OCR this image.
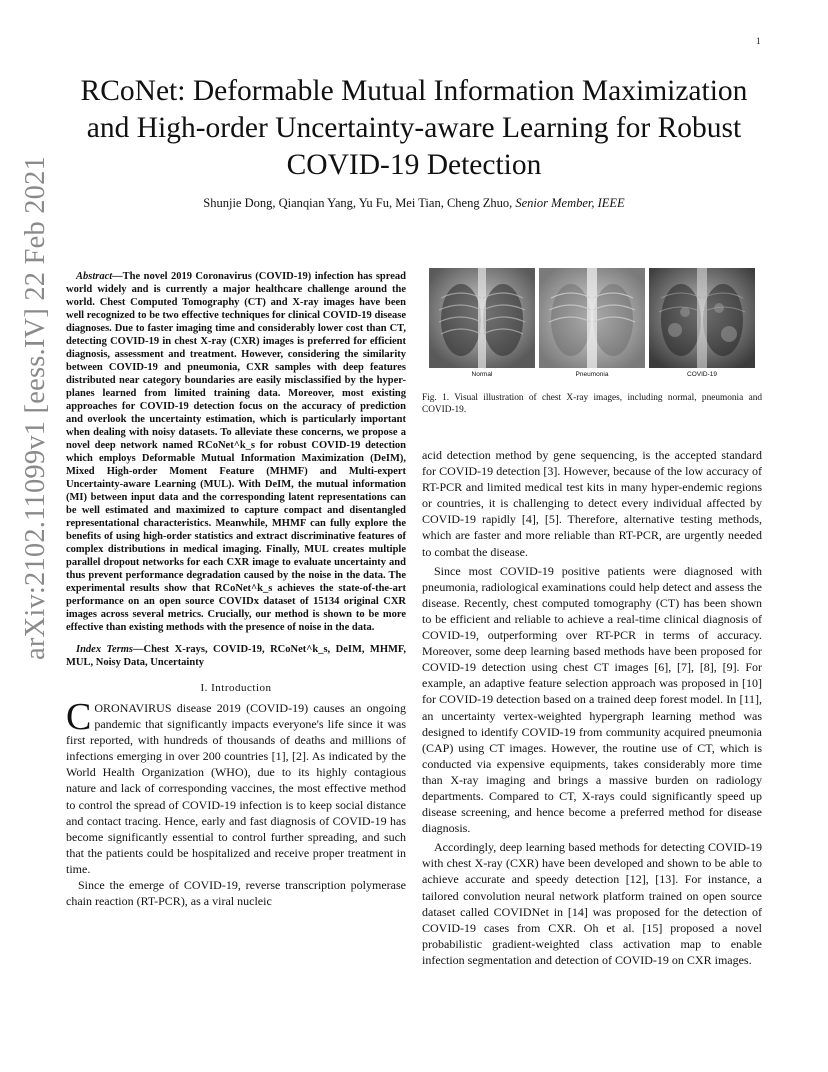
1
arXiv:2102.11099v1 [eess.IV] 22 Feb 2021
RCoNet: Deformable Mutual Information Maximization and High-order Uncertainty-aware Learning for Robust COVID-19 Detection
Shunjie Dong, Qianqian Yang, Yu Fu, Mei Tian, Cheng Zhuo, Senior Member, IEEE

Abstract—The novel 2019 Coronavirus (COVID-19) infection has spread world widely and is currently a major healthcare challenge around the world. Chest Computed Tomography (CT) and X-ray images have been well recognized to be two effective techniques for clinical COVID-19 disease diagnoses. Due to faster imaging time and considerably lower cost than CT, detecting COVID-19 in chest X-ray (CXR) images is preferred for efficient diagnosis, assessment and treatment. However, considering the similarity between COVID-19 and pneumonia, CXR samples with deep features distributed near category boundaries are easily misclassified by the hyper-planes learned from limited training data. Moreover, most existing approaches for COVID-19 detection focus on the accuracy of prediction and overlook the uncertainty estimation, which is particularly important when dealing with noisy datasets. To alleviate these concerns, we propose a novel deep network named RCoNet^k_s for robust COVID-19 detection which employs Deformable Mutual Information Maximization (DeIM), Mixed High-order Moment Feature (MHMF) and Multi-expert Uncertainty-aware Learning (MUL). With DeIM, the mutual information (MI) between input data and the corresponding latent representations can be well estimated and maximized to capture compact and disentangled representational characteristics. Meanwhile, MHMF can fully explore the benefits of using high-order statistics and extract discriminative features of complex distributions in medical imaging. Finally, MUL creates multiple parallel dropout networks for each CXR image to evaluate uncertainty and thus prevent performance degradation caused by the noise in the data. The experimental results show that RCoNet^k_s achieves the state-of-the-art performance on an open source COVIDx dataset of 15134 original CXR images across several metrics. Crucially, our method is shown to be more effective than existing methods with the presence of noise in the data.

Index Terms—Chest X-rays, COVID-19, RCoNet^k_s, DeIM, MHMF, MUL, Noisy Data, Uncertainty

I. Introduction

CORONAVIRUS disease 2019 (COVID-19) causes an ongoing pandemic that significantly impacts everyone's life since it was first reported, with hundreds of thousands of deaths and millions of infections emerging in over 200 countries [1], [2]. As indicated by the World Health Organization (WHO), due to its highly contagious nature and lack of corresponding vaccines, the most effective method to control the spread of COVID-19 infection is to keep social distance and contact tracing. Hence, early and fast diagnosis of COVID-19 has become significantly essential to control further spreading, and such that the patients could be hospitalized and receive proper treatment in time.

Since the emerge of COVID-19, reverse transcription polymerase chain reaction (RT-PCR), as a viral nucleic

Normal	Pneumonia	COVID-19
Fig. 1. Visual illustration of chest X-ray images, including normal, pneumonia and COVID-19.

acid detection method by gene sequencing, is the accepted standard for COVID-19 detection [3]. However, because of the low accuracy of RT-PCR and limited medical test kits in many hyper-endemic regions or countries, it is challenging to detect every individual affected by COVID-19 rapidly [4], [5]. Therefore, alternative testing methods, which are faster and more reliable than RT-PCR, are urgently needed to combat the disease.

Since most COVID-19 positive patients were diagnosed with pneumonia, radiological examinations could help detect and assess the disease. Recently, chest computed tomography (CT) has been shown to be efficient and reliable to achieve a real-time clinical diagnosis of COVID-19, outperforming over RT-PCR in terms of accuracy. Moreover, some deep learning based methods have been proposed for COVID-19 detection using chest CT images [6], [7], [8], [9]. For example, an adaptive feature selection approach was proposed in [10] for COVID-19 detection based on a trained deep forest model. In [11], an uncertainty vertex-weighted hypergraph learning method was designed to identify COVID-19 from community acquired pneumonia (CAP) using CT images. However, the routine use of CT, which is conducted via expensive equipments, takes considerably more time than X-ray imaging and brings a massive burden on radiology departments. Compared to CT, X-rays could significantly speed up disease screening, and hence become a preferred method for disease diagnosis.

Accordingly, deep learning based methods for detecting COVID-19 with chest X-ray (CXR) have been developed and shown to be able to achieve accurate and speedy detection [12], [13]. For instance, a tailored convolution neural network platform trained on open source dataset called COVIDNet in [14] was proposed for the detection of COVID-19 cases from CXR. Oh et al. [15] proposed a novel probabilistic gradient-weighted class activation map to enable infection segmentation and detection of COVID-19 on CXR images.
